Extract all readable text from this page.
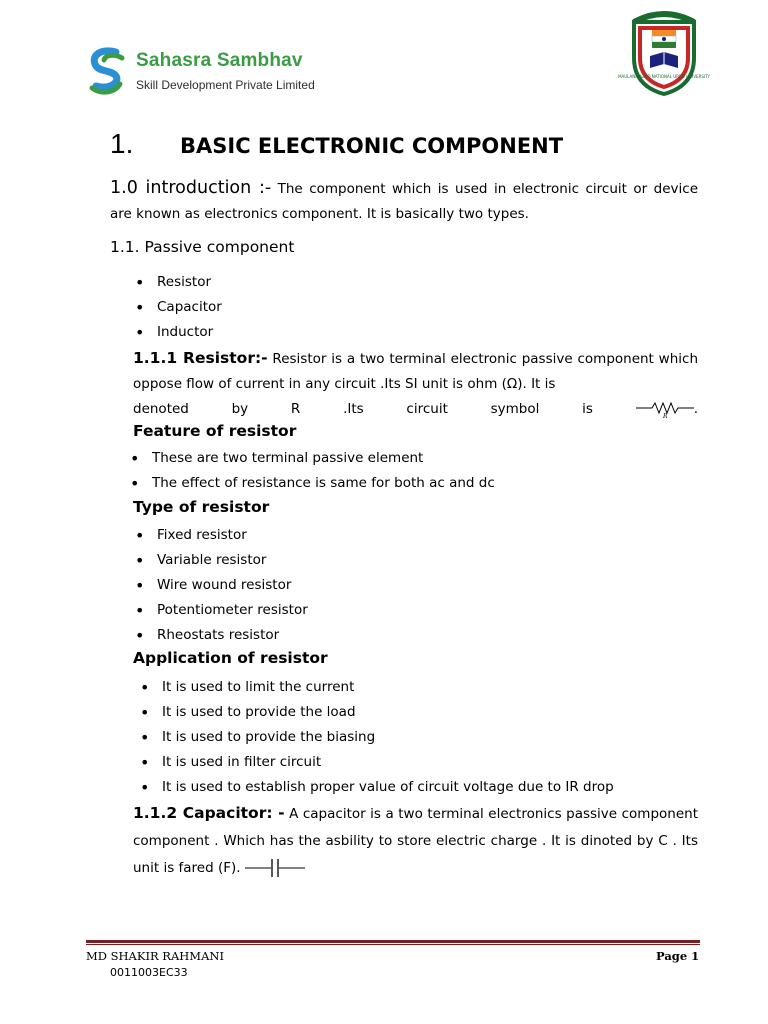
Sahasra Sambhav
Skill Development Private Limited
MAULANA AZAD NATIONAL URDU UNIVERSITY
1. BASIC ELECTRONIC COMPONENT
1.0 introduction :- The component which is used in electronic circuit or device are known as electronics component. It is basically two types.
1.1. Passive component
• Resistor
• Capacitor
• Inductor
1.1.1 Resistor:- Resistor is a two terminal electronic passive component which oppose flow of current in any circuit .Its SI unit is ohm (Ω). It is
denoted	by	R	.Its	circuit	symbol	is	R .
Feature of resistor
• These are two terminal passive element
• The effect of resistance is same for both ac and dc
Type of resistor
• Fixed resistor
• Variable resistor
• Wire wound resistor
• Potentiometer resistor
• Rheostats resistor
Application of resistor
• It is used to limit the current
• It is used to provide the load
• It is used to provide the biasing
• It is used in filter circuit
• It is used to establish proper value of circuit voltage due to IR drop
1.1.2 Capacitor: - A capacitor is a two terminal electronics passive component component . Which has the asbility to store electric charge . It is dinoted by C . Its unit is fared (F).
MD SHAKIR RAHMANI	Page 1
0011003EC33
